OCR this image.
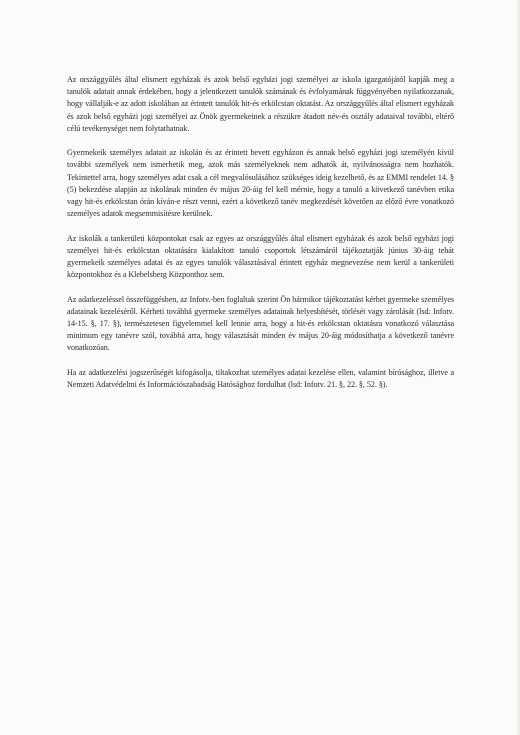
Az országgyűlés által elismert egyházak és azok belső egyházi jogi személyei az iskola igazgatójától kapják meg a tanulók adatait annak érdekében, hogy a jelentkezett tanulók számának és évfolyamának függvényében nyilatkozzanak, hogy vállalják-e az adott iskolában az érintett tanulók hit-és erkölcstan oktatást. Az országgyűlés által elismert egyházak és azok belső egyházi jogi személyei az Önök gyermekeinek a részükre átadott név-és osztály adataival további, eltérő célú tevékenységet nem folytathatnak.

Gyermekeik személyes adatait az iskolán és az érintett bevett egyházon és annak belső egyházi jogi személyén kívül további személyek nem ismerhetik meg, azok más személyeknek nem adhatók át, nyilvánosságra nem hozhatók. Tekintettel arra, hogy személyes adat csak a cél megvalósulásához szükséges ideig kezelhető, és az EMMI rendelet 14. § (5) bekezdése alapján az iskolának minden év május 20-áig fel kell mérnie, hogy a tanuló a következő tanévben etika vagy hit-és erkölcstan órán kíván-e részt venni, ezért a következő tanév megkezdését követően az előző évre vonatkozó személyes adatok megsemmisítésre kerülnek.

Az iskolák a tankerületi központokat csak az egyes az országgyűlés által elismert egyházak és azok belső egyházi jogi személyei hit-és erkölcstan oktatására kialakított tanuló csoportok létszámáról tájékoztatják június 30-áig tehát gyermekeik személyes adatai és az egyes tanulók választásával érintett egyház megnevezése nem kerül a tankerületi központokhoz és a Klebelsberg Központhoz sem.

Az adatkezeléssel összefüggésben, az Infotv.-ben foglaltak szerint Ön bármikor tájékoztatást kérhet gyermeke személyes adatainak kezeléséről. Kérheti továbbá gyermeke személyes adatainak helyesbítését, törlését vagy zárolását (lsd: Infotv. 14-15. §, 17. §), természetesen figyelemmel kell lennie arra, hogy a hit-és erkölcstan oktatásra vonatkozó választása minimum egy tanévre szól, továbbá arra, hogy választását minden év május 20-áig módosíthatja a következő tanévre vonatkozóan.

Ha az adatkezelési jogszerűségét kifogásolja, tiltakozhat személyes adatai kezelése ellen, valamint bírósághoz, illetve a Nemzeti Adatvédelmi és Információszabadság Hatósághoz fordulhat (lsd: Infotv. 21. §, 22. §, 52. §).
